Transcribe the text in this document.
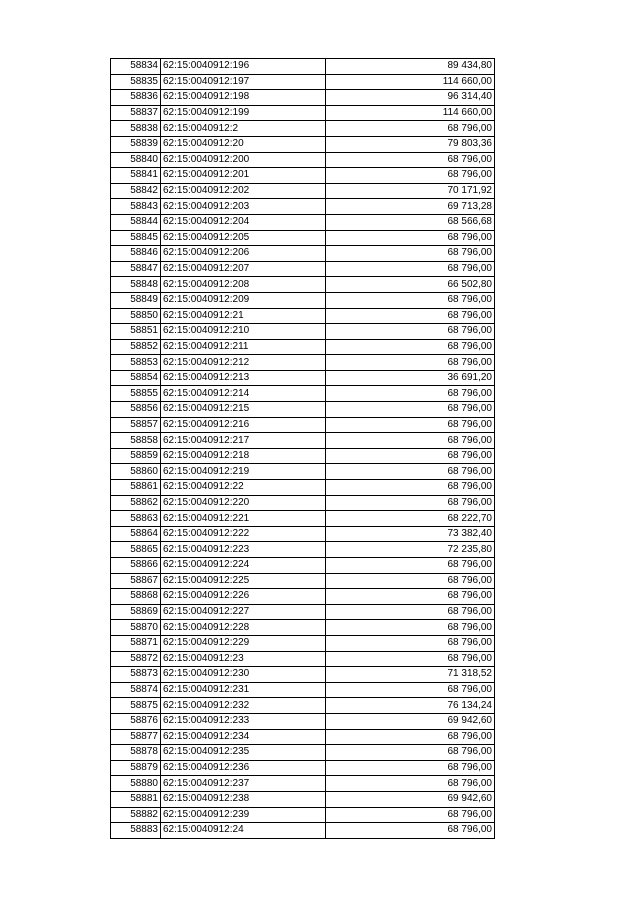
58834	62:15:0040912:196	89 434,80
58835	62:15:0040912:197	114 660,00
58836	62:15:0040912:198	96 314,40
58837	62:15:0040912:199	114 660,00
58838	62:15:0040912:2	68 796,00
58839	62:15:0040912:20	79 803,36
58840	62:15:0040912:200	68 796,00
58841	62:15:0040912:201	68 796,00
58842	62:15:0040912:202	70 171,92
58843	62:15:0040912:203	69 713,28
58844	62:15:0040912:204	68 566,68
58845	62:15:0040912:205	68 796,00
58846	62:15:0040912:206	68 796,00
58847	62:15:0040912:207	68 796,00
58848	62:15:0040912:208	66 502,80
58849	62:15:0040912:209	68 796,00
58850	62:15:0040912:21	68 796,00
58851	62:15:0040912:210	68 796,00
58852	62:15:0040912:211	68 796,00
58853	62:15:0040912:212	68 796,00
58854	62:15:0040912:213	36 691,20
58855	62:15:0040912:214	68 796,00
58856	62:15:0040912:215	68 796,00
58857	62:15:0040912:216	68 796,00
58858	62:15:0040912:217	68 796,00
58859	62:15:0040912:218	68 796,00
58860	62:15:0040912:219	68 796,00
58861	62:15:0040912:22	68 796,00
58862	62:15:0040912:220	68 796,00
58863	62:15:0040912:221	68 222,70
58864	62:15:0040912:222	73 382,40
58865	62:15:0040912:223	72 235,80
58866	62:15:0040912:224	68 796,00
58867	62:15:0040912:225	68 796,00
58868	62:15:0040912:226	68 796,00
58869	62:15:0040912:227	68 796,00
58870	62:15:0040912:228	68 796,00
58871	62:15:0040912:229	68 796,00
58872	62:15:0040912:23	68 796,00
58873	62:15:0040912:230	71 318,52
58874	62:15:0040912:231	68 796,00
58875	62:15:0040912:232	76 134,24
58876	62:15:0040912:233	69 942,60
58877	62:15:0040912:234	68 796,00
58878	62:15:0040912:235	68 796,00
58879	62:15:0040912:236	68 796,00
58880	62:15:0040912:237	68 796,00
58881	62:15:0040912:238	69 942,60
58882	62:15:0040912:239	68 796,00
58883	62:15:0040912:24	68 796,00
